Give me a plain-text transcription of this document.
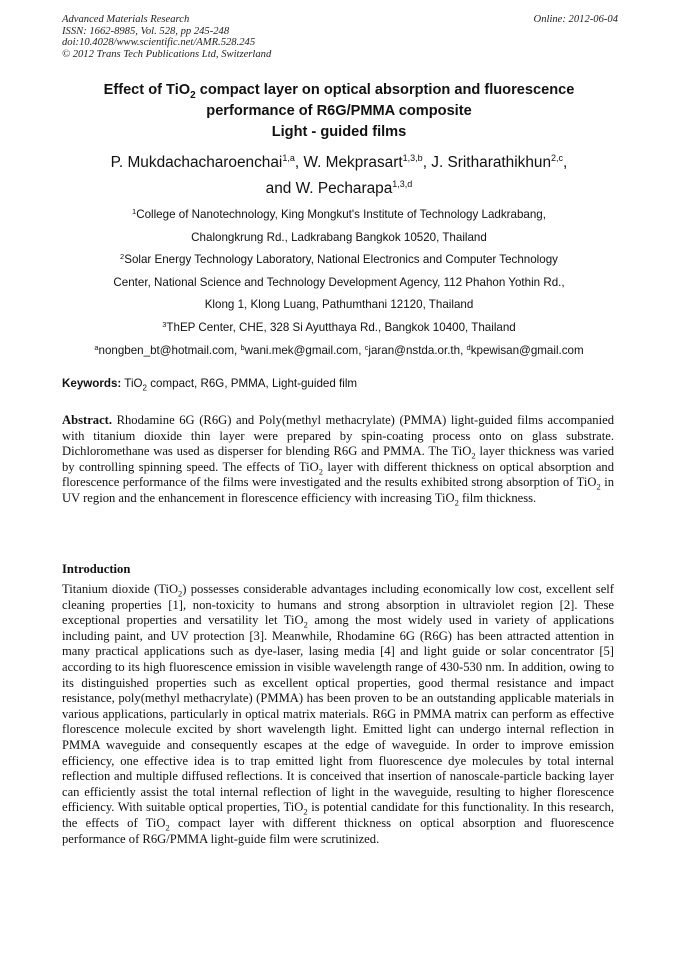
Advanced Materials Research
ISSN: 1662-8985, Vol. 528, pp 245-248
doi:10.4028/www.scientific.net/AMR.528.245
© 2012 Trans Tech Publications Ltd, Switzerland
Online: 2012-06-04
Effect of TiO$_2$ compact layer on optical absorption and fluorescence
performance of R6G/PMMA composite
Light - guided films
P. Mukdachacharoenchai$^{1,a}$, W. Mekprasart$^{1,3,b}$, J. Sritharathikhun$^{2,c}$,
and W. Pecharapa$^{1,3,d}$
$^1$College of Nanotechnology, King Mongkut's Institute of Technology Ladkrabang,
Chalongkrung Rd., Ladkrabang Bangkok 10520, Thailand
$^2$Solar Energy Technology Laboratory, National Electronics and Computer Technology
Center, National Science and Technology Development Agency, 112 Phahon Yothin Rd.,
Klong 1, Klong Luang, Pathumthani 12120, Thailand
$^3$ThEP Center, CHE, 328 Si Ayutthaya Rd., Bangkok 10400, Thailand
$^a$nongben_bt@hotmail.com, $^b$wani.mek@gmail.com, $^c$jaran@nstda.or.th, $^d$kpewisan@gmail.com
Keywords: TiO$_2$ compact, R6G, PMMA, Light-guided film
Abstract. Rhodamine 6G (R6G) and Poly(methyl methacrylate) (PMMA) light-guided films accompanied with titanium dioxide thin layer were prepared by spin-coating process onto on glass substrate. Dichloromethane was used as disperser for blending R6G and PMMA. The TiO$_2$ layer thickness was varied by controlling spinning speed. The effects of TiO$_2$ layer with different thickness on optical absorption and florescence performance of the films were investigated and the results exhibited strong absorption of TiO$_2$ in UV region and the enhancement in florescence efficiency with increasing TiO$_2$ film thickness.
Introduction
Titanium dioxide (TiO$_2$) possesses considerable advantages including economically low cost, excellent self cleaning properties [1], non-toxicity to humans and strong absorption in ultraviolet region [2]. These exceptional properties and versatility let TiO$_2$ among the most widely used in variety of applications including paint, and UV protection [3]. Meanwhile, Rhodamine 6G (R6G) has been attracted attention in many practical applications such as dye-laser, lasing media [4] and light guide or solar concentrator [5] according to its high fluorescence emission in visible wavelength range of 430-530 nm. In addition, owing to its distinguished properties such as excellent optical properties, good thermal resistance and impact resistance, poly(methyl methacrylate) (PMMA) has been proven to be an outstanding applicable materials in various applications, particularly in optical matrix materials. R6G in PMMA matrix can perform as effective florescence molecule excited by short wavelength light. Emitted light can undergo internal reflection in PMMA waveguide and consequently escapes at the edge of waveguide. In order to improve emission efficiency, one effective idea is to trap emitted light from fluorescence dye molecules by total internal reflection and multiple diffused reflections. It is conceived that insertion of nanoscale-particle backing layer can efficiently assist the total internal reflection of light in the waveguide, resulting to higher florescence efficiency. With suitable optical properties, TiO$_2$ is potential candidate for this functionality. In this research, the effects of TiO$_2$ compact layer with different thickness on optical absorption and fluorescence performance of R6G/PMMA light-guide film were scrutinized.
